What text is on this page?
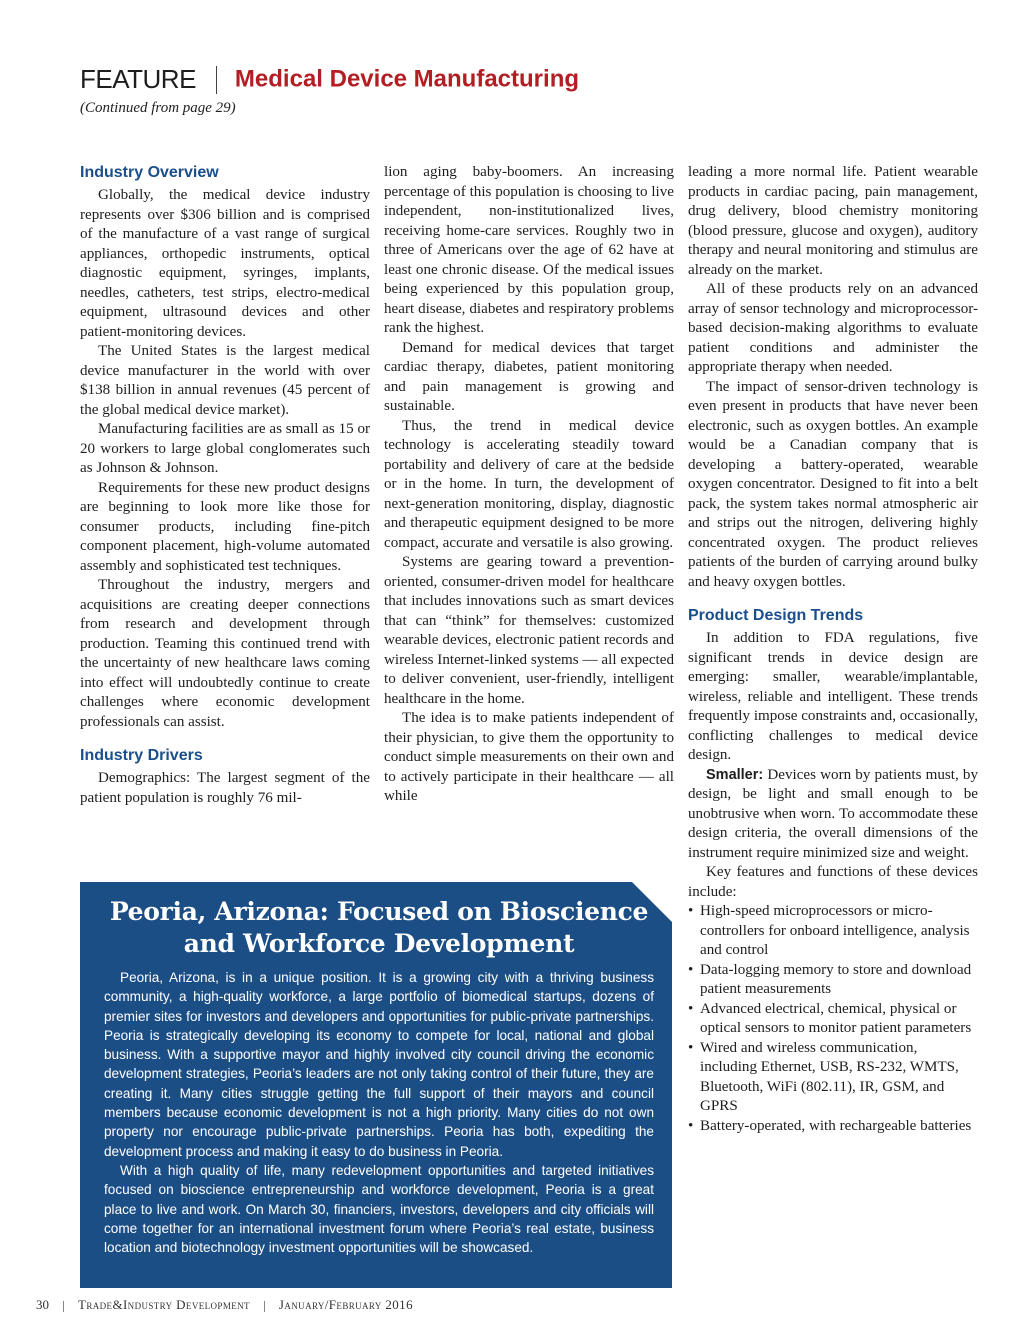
FEATURE Medical Device Manufacturing
(Continued from page 29)
Industry Overview

Globally, the medical device industry represents over $306 billion and is comprised of the manufacture of a vast range of surgical appliances, orthopedic instruments, optical diagnostic equipment, syringes, implants, needles, catheters, test strips, electro-medical equipment, ultrasound devices and other patient-monitoring devices.

The United States is the largest medical device manufacturer in the world with over $138 billion in annual revenues (45 percent of the global medical device market).

Manufacturing facilities are as small as 15 or 20 workers to large global conglomerates such as Johnson & Johnson.

Requirements for these new product designs are beginning to look more like those for consumer products, including fine-pitch component placement, high-volume automated assembly and sophisticated test techniques.

Throughout the industry, mergers and acquisitions are creating deeper connections from research and development through production. Teaming this continued trend with the uncertainty of new healthcare laws coming into effect will undoubtedly continue to create challenges where economic development professionals can assist.

Industry Drivers

Demographics: The largest segment of the patient population is roughly 76 mil-

lion aging baby-boomers. An increasing percentage of this population is choosing to live independent, non-institutionalized lives, receiving home-care services. Roughly two in three of Americans over the age of 62 have at least one chronic disease. Of the medical issues being experienced by this population group, heart disease, diabetes and respiratory problems rank the highest.

Demand for medical devices that target cardiac therapy, diabetes, patient monitoring and pain management is growing and sustainable.

Thus, the trend in medical device technology is accelerating steadily toward portability and delivery of care at the bedside or in the home. In turn, the development of next-generation monitoring, display, diagnostic and therapeutic equipment designed to be more compact, accurate and versatile is also growing.

Systems are gearing toward a prevention-oriented, consumer-driven model for healthcare that includes innovations such as smart devices that can “think” for themselves: customized wearable devices, electronic patient records and wireless Internet-linked systems — all expected to deliver convenient, user-friendly, intelligent healthcare in the home.

The idea is to make patients independent of their physician, to give them the opportunity to conduct simple measurements on their own and to actively participate in their healthcare — all while

leading a more normal life. Patient wearable products in cardiac pacing, pain management, drug delivery, blood chemistry monitoring (blood pressure, glucose and oxygen), auditory therapy and neural monitoring and stimulus are already on the market.

All of these products rely on an advanced array of sensor technology and microprocessor-based decision-making algorithms to evaluate patient conditions and administer the appropriate therapy when needed.

The impact of sensor-driven technology is even present in products that have never been electronic, such as oxygen bottles. An example would be a Canadian company that is developing a battery-operated, wearable oxygen concentrator. Designed to fit into a belt pack, the system takes normal atmospheric air and strips out the nitrogen, delivering highly concentrated oxygen. The product relieves patients of the burden of carrying around bulky and heavy oxygen bottles.

Product Design Trends

In addition to FDA regulations, five significant trends in device design are emerging: smaller, wearable/implantable, wireless, reliable and intelligent. These trends frequently impose constraints and, occasionally, conflicting challenges to medical device design.

Smaller: Devices worn by patients must, by design, be light and small enough to be unobtrusive when worn. To accommodate these design criteria, the overall dimensions of the instrument require minimized size and weight.

Key features and functions of these devices include:

• High-speed microprocessors or micro-controllers for onboard intelligence, analysis and control
• Data-logging memory to store and download patient measurements
• Advanced electrical, chemical, physical or optical sensors to monitor patient parameters
• Wired and wireless communication, including Ethernet, USB, RS-232, WMTS, Bluetooth, WiFi (802.11), IR, GSM, and GPRS
• Battery-operated, with rechargeable batteries
Peoria, Arizona: Focused on Bioscience
and Workforce Development

Peoria, Arizona, is in a unique position. It is a growing city with a thriving business community, a high-quality workforce, a large portfolio of biomedical startups, dozens of premier sites for investors and developers and opportunities for public-private partnerships. Peoria is strategically developing its economy to compete for local, national and global business. With a supportive mayor and highly involved city council driving the economic development strategies, Peoria’s leaders are not only taking control of their future, they are creating it. Many cities struggle getting the full support of their mayors and council members because economic development is not a high priority. Many cities do not own property nor encourage public-private partnerships. Peoria has both, expediting the development process and making it easy to do business in Peoria.

With a high quality of life, many redevelopment opportunities and targeted initiatives focused on bioscience entrepreneurship and workforce development, Peoria is a great place to live and work. On March 30, financiers, investors, developers and city officials will come together for an international investment forum where Peoria’s real estate, business location and biotechnology investment opportunities will be showcased.

30 Trade&Industry Development January/February 2016
